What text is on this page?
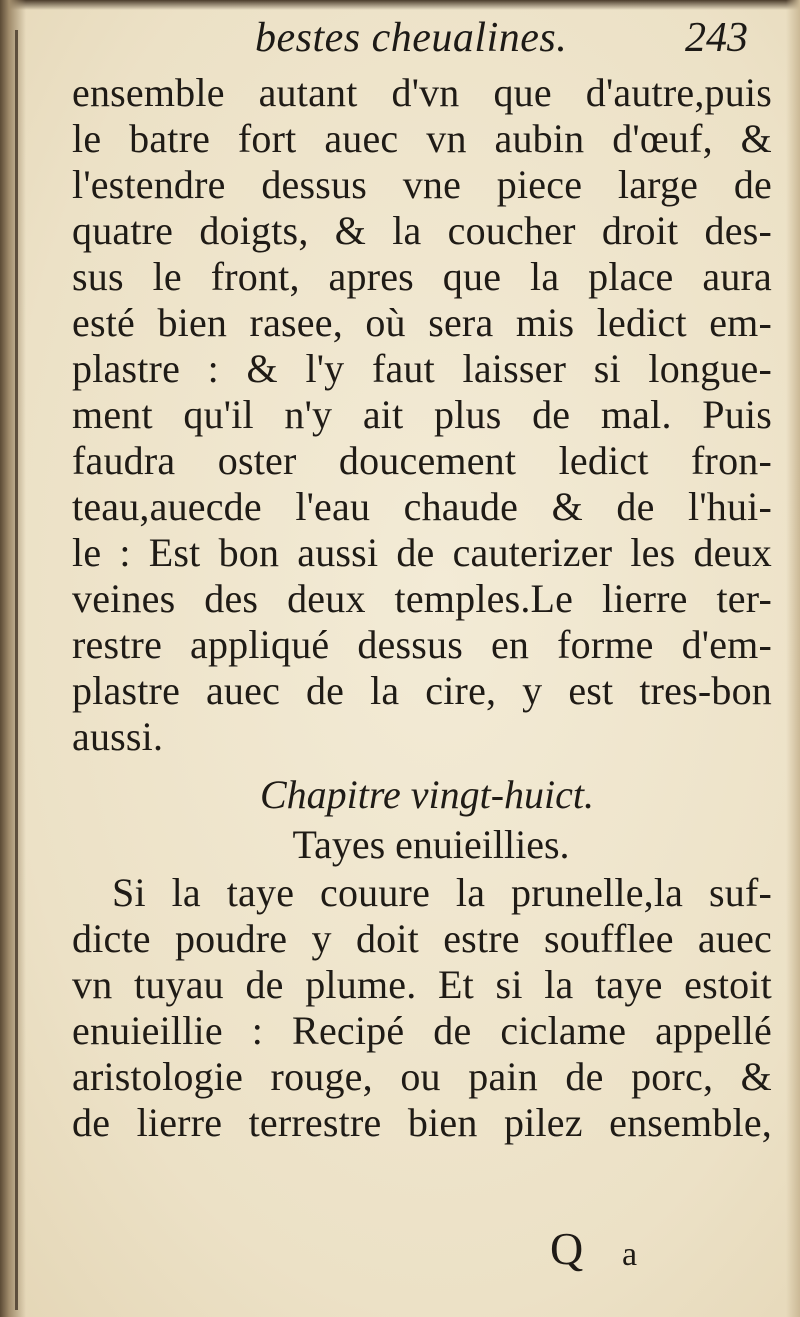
bestes cheualines.	243
ensemble autant d'vn que d'autre,puis
le batre fort auec vn aubin d'œuf, &
l'estendre dessus vne piece large de
quatre doigts, & la coucher droit des-
sus le front, apres que la place aura
esté bien rasee, où sera mis ledict em-
plastre : & l'y faut laisser si longue-
ment qu'il n'y ait plus de mal. Puis
faudra oster doucement ledict fron-
teau,auecde l'eau chaude & de l'hui-
le : Est bon aussi de cauterizer les deux
veines des deux temples.Le lierre ter-
restre appliqué dessus en forme d'em-
plastre auec de la cire, y est tres-bon
aussi.
Chapitre vingt-huict.
Tayes enuieillies.
Si la taye couure la prunelle,la suf-
dicte poudre y doit estre soufflee auec
vn tuyau de plume. Et si la taye estoit
enuieillie : Recipé de ciclame appellé
aristologie rouge, ou pain de porc, &
de lierre terrestre bien pilez ensemble,
Q a
